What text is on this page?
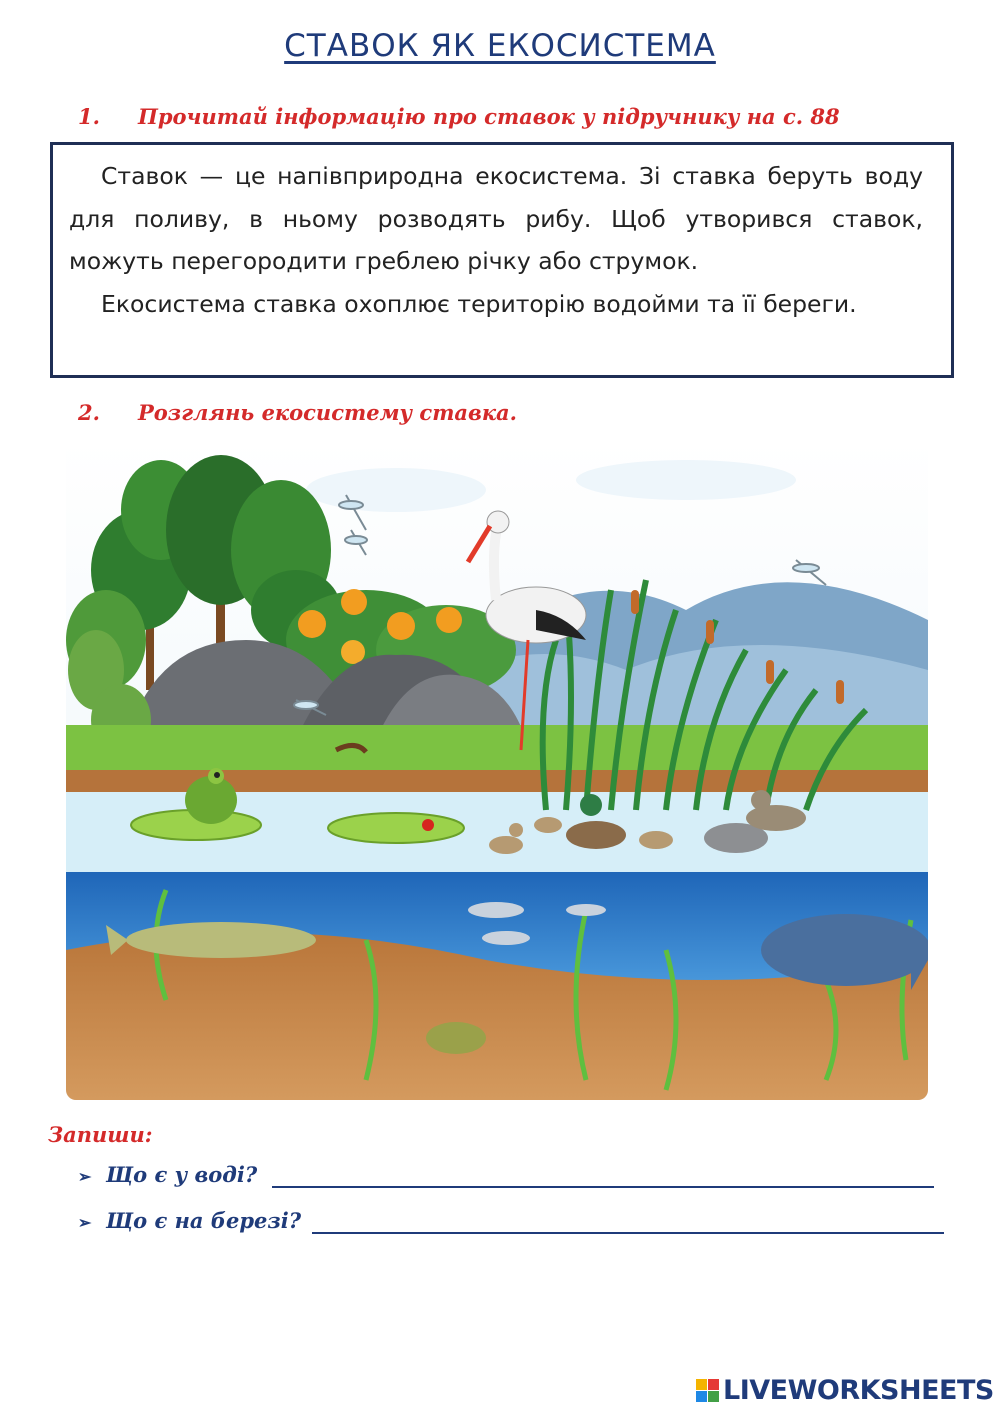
СТАВОК ЯК ЕКОСИСТЕМА
1. Прочитай інформацію про ставок у підручнику на с. 88

Ставок — це напівприродна екосистема. Зі ставка беруть воду для поливу, в ньому розводять рибу. Щоб утворився ставок, можуть перегородити греблею річку або струмок.

Екосистема ставка охоплює територію водойми та її береги.

2. Розглянь екосистему ставка.
Запиши:
➢ Що є у воді?
➢ Що є на березі?
LIVEWORKSHEETS
